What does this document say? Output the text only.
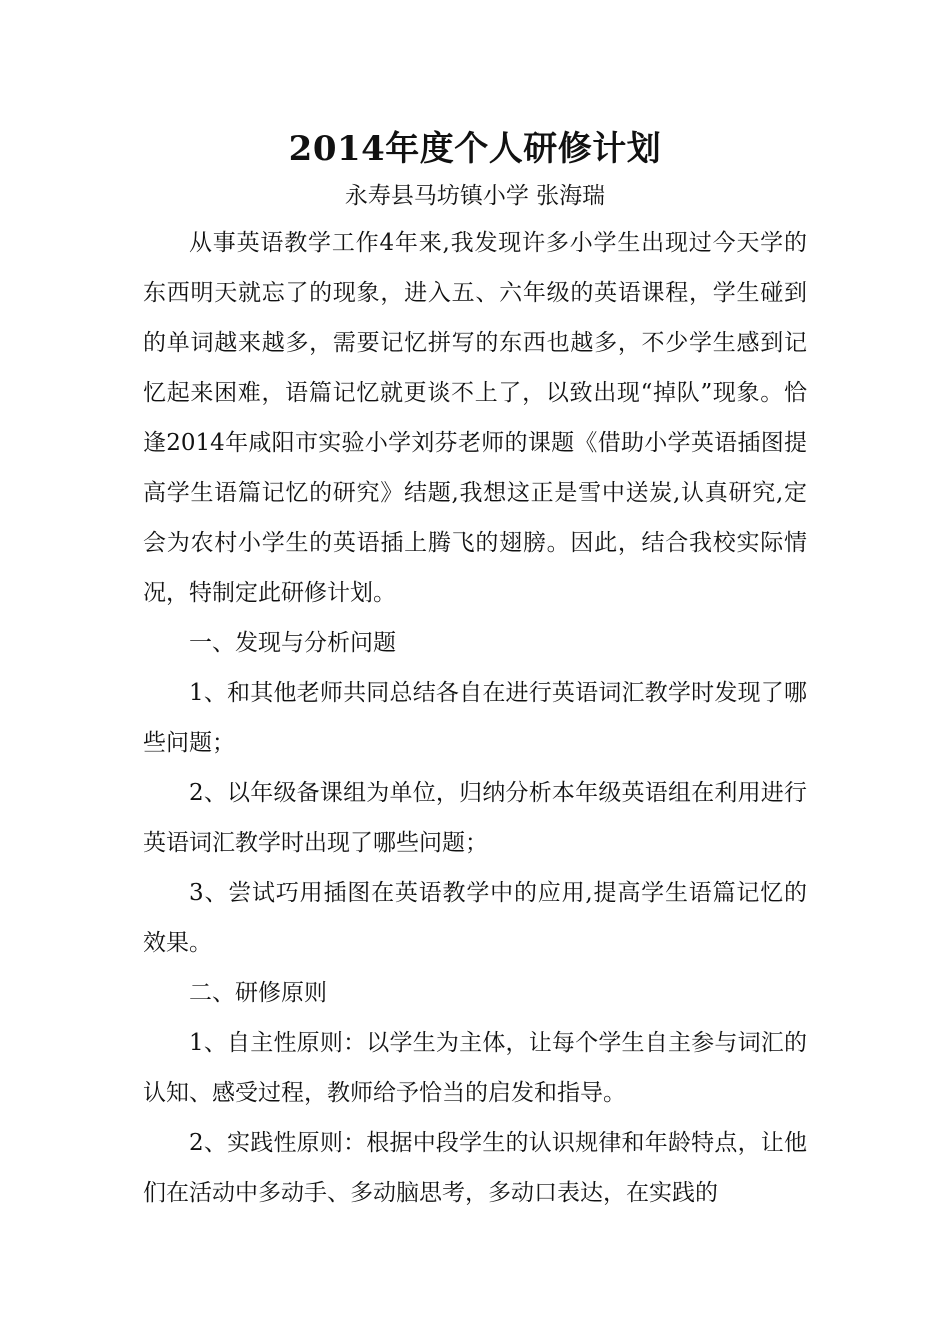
2014年度个人研修计划

永寿县马坊镇小学 张海瑞

从事英语教学工作4年来,我发现许多小学生出现过今天学的东西明天就忘了的现象，进入五、六年级的英语课程，学生碰到的单词越来越多，需要记忆拼写的东西也越多，不少学生感到记忆起来困难，语篇记忆就更谈不上了，以致出现“掉队”现象。恰逢2014年咸阳市实验小学刘芬老师的课题《借助小学英语插图提高学生语篇记忆的研究》结题,我想这正是雪中送炭,认真研究,定会为农村小学生的英语插上腾飞的翅膀。因此，结合我校实际情况，特制定此研修计划。

一、发现与分析问题

1、和其他老师共同总结各自在进行英语词汇教学时发现了哪些问题；

2、以年级备课组为单位，归纳分析本年级英语组在利用进行英语词汇教学时出现了哪些问题；

3、尝试巧用插图在英语教学中的应用,提高学生语篇记忆的效果。

二、研修原则

1、自主性原则：以学生为主体，让每个学生自主参与词汇的认知、感受过程，教师给予恰当的启发和指导。

2、实践性原则：根据中段学生的认识规律和年龄特点，让他们在活动中多动手、多动脑思考，多动口表达，在实践的
